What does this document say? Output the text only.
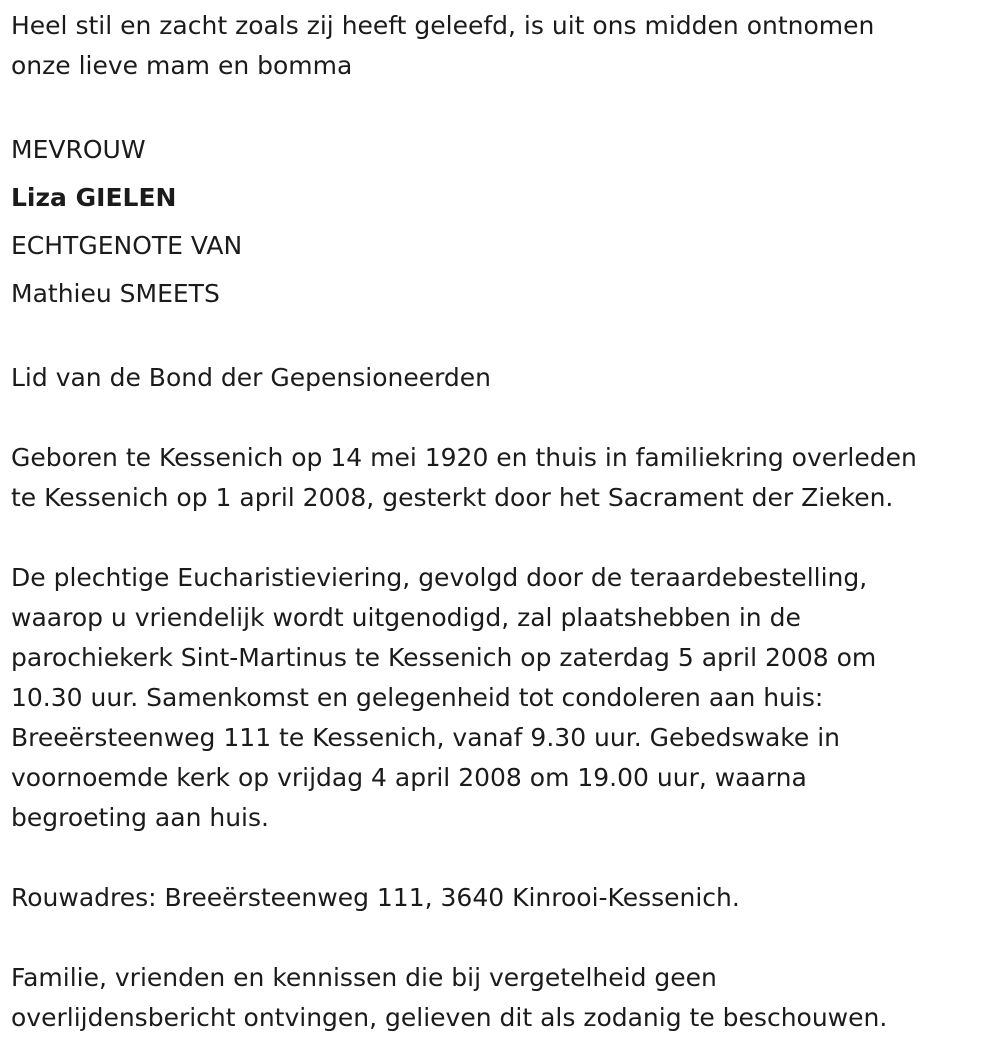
Heel stil en zacht zoals zij heeft geleefd, is uit ons midden ontnomen
onze lieve mam en bomma
MEVROUW
Liza GIELEN
ECHTGENOTE VAN
Mathieu SMEETS
Lid van de Bond der Gepensioneerden
Geboren te Kessenich op 14 mei 1920 en thuis in familiekring overleden
te Kessenich op 1 april 2008, gesterkt door het Sacrament der Zieken.
De plechtige Eucharistieviering, gevolgd door de teraardebestelling,
waarop u vriendelijk wordt uitgenodigd, zal plaatshebben in de
parochiekerk Sint-Martinus te Kessenich op zaterdag 5 april 2008 om
10.30 uur. Samenkomst en gelegenheid tot condoleren aan huis:
Breeërsteenweg 111 te Kessenich, vanaf 9.30 uur. Gebedswake in
voornoemde kerk op vrijdag 4 april 2008 om 19.00 uur, waarna
begroeting aan huis.
Rouwadres: Breeërsteenweg 111, 3640 Kinrooi-Kessenich.
Familie, vrienden en kennissen die bij vergetelheid geen
overlijdensbericht ontvingen, gelieven dit als zodanig te beschouwen.
